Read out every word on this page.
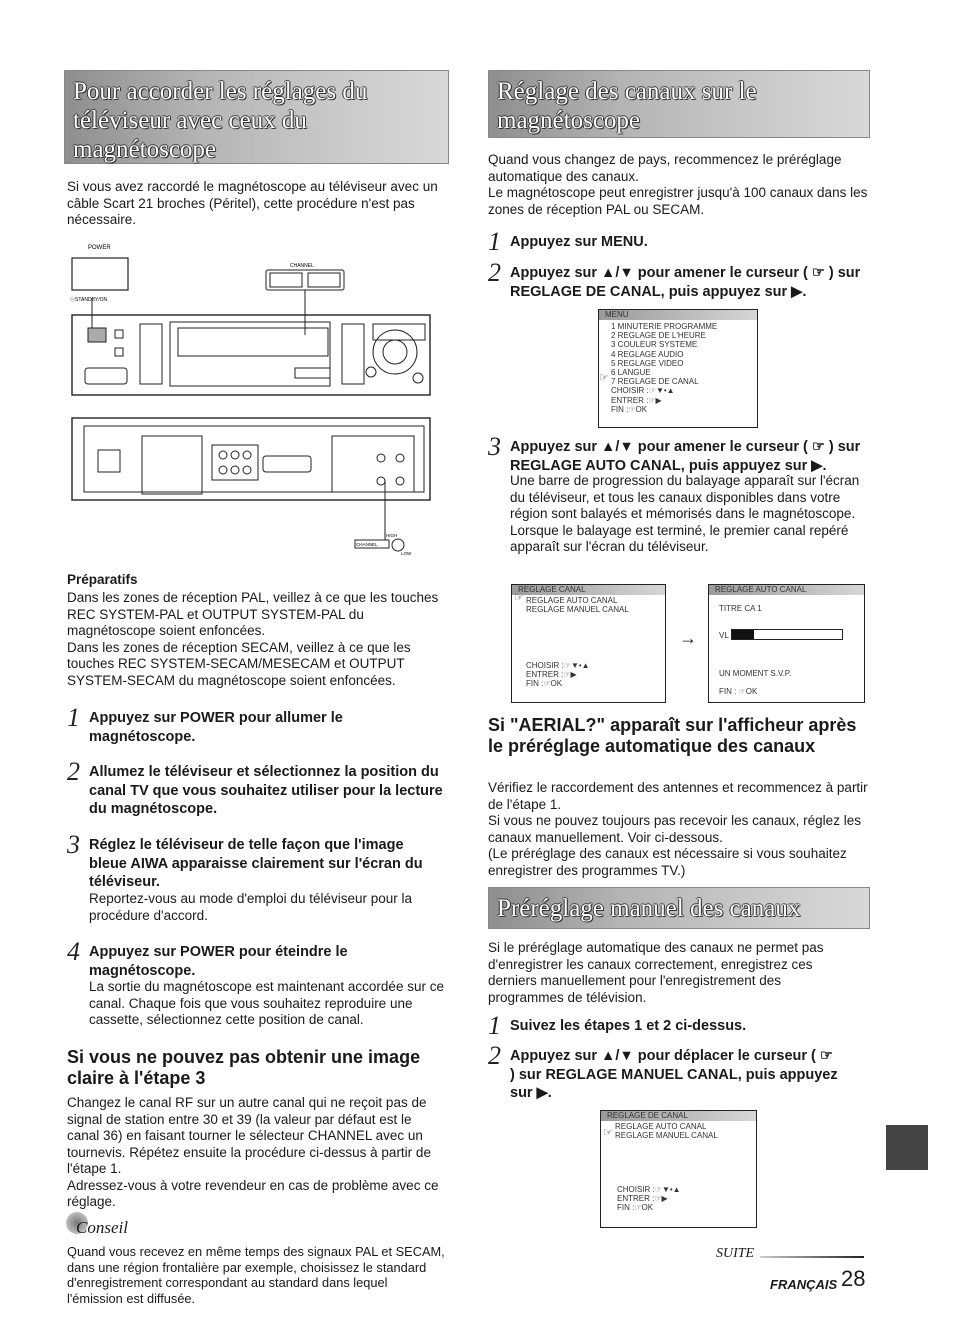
Pour accorder les réglages du téléviseur avec ceux du magnétoscope

Si vous avez raccordé le magnétoscope au téléviseur avec un câble Scart 21 broches (Péritel), cette procédure n'est pas nécessaire.

POWER
ⓞSTANDBY/ON
CHANNEL
HIGH
CHANNEL
LOW
Préparatifs

Dans les zones de réception PAL, veillez à ce que les touches REC SYSTEM-PAL et OUTPUT SYSTEM-PAL du magnétoscope soient enfoncées.
Dans les zones de réception SECAM, veillez à ce que les touches REC SYSTEM-SECAM/MESECAM et OUTPUT SYSTEM-SECAM du magnétoscope soient enfoncées.

1 Appuyez sur POWER pour allumer le magnétoscope.
2 Allumez le téléviseur et sélectionnez la position du canal TV que vous souhaitez utiliser pour la lecture du magnétoscope.
3 Réglez le téléviseur de telle façon que l'image bleue AIWA apparaisse clairement sur l'écran du téléviseur.

Reportez-vous au mode d'emploi du téléviseur pour la procédure d'accord.

4 Appuyez sur POWER pour éteindre le magnétoscope.

La sortie du magnétoscope est maintenant accordée sur ce canal. Chaque fois que vous souhaitez reproduire une cassette, sélectionnez cette position de canal.

Si vous ne pouvez pas obtenir une image claire à l'étape 3

Changez le canal RF sur un autre canal qui ne reçoit pas de signal de station entre 30 et 39 (la valeur par défaut est le canal 36) en faisant tourner le sélecteur CHANNEL avec un tournevis. Répétez ensuite la procédure ci-dessus à partir de l'étape 1.
Adressez-vous à votre revendeur en cas de problème avec ce réglage.

Conseil

Quand vous recevez en même temps des signaux PAL et SECAM, dans une région frontalière par exemple, choisissez le standard d'enregistrement correspondant au standard dans lequel l'émission est diffusée.

Réglage des canaux sur le magnétoscope

Quand vous changez de pays, recommencez le préréglage automatique des canaux.
Le magnétoscope peut enregistrer jusqu'à 100 canaux dans les zones de réception PAL ou SECAM.

1 Appuyez sur MENU.
2 Appuyez sur ▲/▼ pour amener le curseur ( ☞ ) sur REGLAGE DE CANAL, puis appuyez sur ▶.
MENU
1 MINUTERIE PROGRAMME
2 REGLAGE DE L'HEURE
3 COULEUR SYSTEME
4 REGLAGE AUDIO
5 REGLAGE VIDEO
6 LANGUE
7 REGLAGE DE CANAL
CHOISIR :☞▼•▲
ENTRER :☞▶
FIN :☞OK
☞
3 Appuyez sur ▲/▼ pour amener le curseur ( ☞ ) sur REGLAGE AUTO CANAL, puis appuyez sur ▶.

Une barre de progression du balayage apparaît sur l'écran du téléviseur, et tous les canaux disponibles dans votre région sont balayés et mémorisés dans le magnétoscope.
Lorsque le balayage est terminé, le premier canal repéré apparaît sur l'écran du téléviseur.

REGLAGE CANAL
REGLAGE AUTO CANAL
REGLAGE MANUEL CANAL
☞
CHOISIR :☞▼•▲
ENTRER :☞▶
FIN :☞OK
→
REGLAGE AUTO CANAL
TITRE CA 1
VL
UN MOMENT S.V.P.
FIN : ☞OK
Si "AERIAL?" apparaît sur l'afficheur après le préréglage automatique des canaux

Vérifiez le raccordement des antennes et recommencez à partir de l'étape 1.
Si vous ne pouvez toujours pas recevoir les canaux, réglez les canaux manuellement. Voir ci-dessous.
(Le préréglage des canaux est nécessaire si vous souhaitez enregistrer des programmes TV.)

Préréglage manuel des canaux

Si le préréglage automatique des canaux ne permet pas d'enregistrer les canaux correctement, enregistrez ces derniers manuellement pour l'enregistrement des programmes de télévision.

1 Suivez les étapes 1 et 2 ci-dessus.
2 Appuyez sur ▲/▼ pour déplacer le curseur ( ☞ ) sur REGLAGE MANUEL CANAL, puis appuyez sur ▶.
REGLAGE DE CANAL
REGLAGE AUTO CANAL
REGLAGE MANUEL CANAL
☞
CHOISIR :☞▼•▲
ENTRER :☞▶
FIN :☞OK
SUITE
FRANÇAIS 28
